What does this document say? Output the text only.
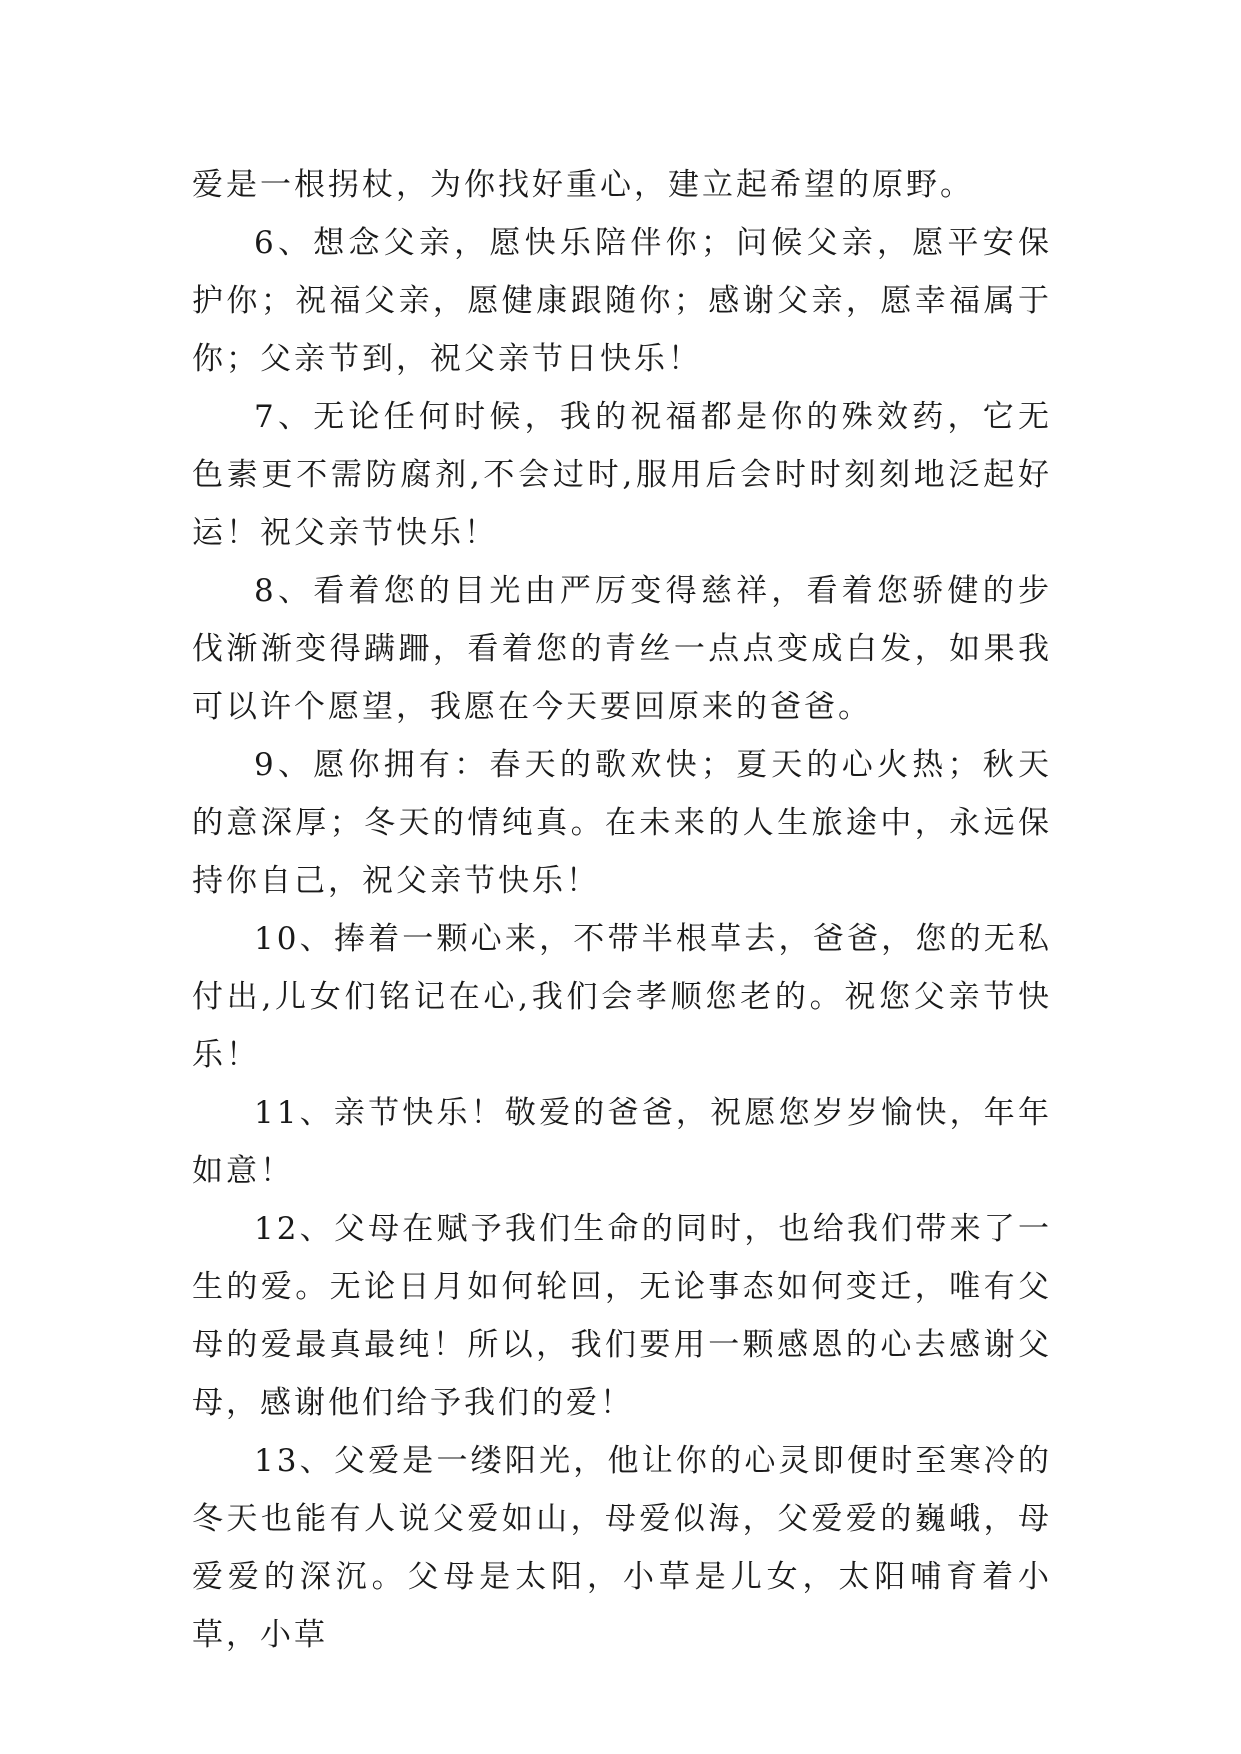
爱是一根拐杖，为你找好重心，建立起希望的原野。

6、想念父亲，愿快乐陪伴你；问候父亲，愿平安保护你；祝福父亲，愿健康跟随你；感谢父亲，愿幸福属于你；父亲节到，祝父亲节日快乐！

7、无论任何时候，我的祝福都是你的殊效药，它无色素更不需防腐剂,不会过时,服用后会时时刻刻地泛起好运！祝父亲节快乐！

8、看着您的目光由严厉变得慈祥，看着您骄健的步伐渐渐变得蹒跚，看着您的青丝一点点变成白发，如果我可以许个愿望，我愿在今天要回原来的爸爸。

9、愿你拥有：春天的歌欢快；夏天的心火热；秋天的意深厚；冬天的情纯真。在未来的人生旅途中，永远保持你自己，祝父亲节快乐！

10、捧着一颗心来，不带半根草去，爸爸，您的无私付出,儿女们铭记在心,我们会孝顺您老的。祝您父亲节快乐！

11、亲节快乐！敬爱的爸爸，祝愿您岁岁愉快，年年如意！

12、父母在赋予我们生命的同时，也给我们带来了一生的爱。无论日月如何轮回，无论事态如何变迁，唯有父母的爱最真最纯！所以，我们要用一颗感恩的心去感谢父母，感谢他们给予我们的爱！

13、父爱是一缕阳光，他让你的心灵即便时至寒冷的冬天也能有人说父爱如山，母爱似海，父爱爱的巍峨，母爱爱的深沉。父母是太阳，小草是儿女，太阳哺育着小草，小草
